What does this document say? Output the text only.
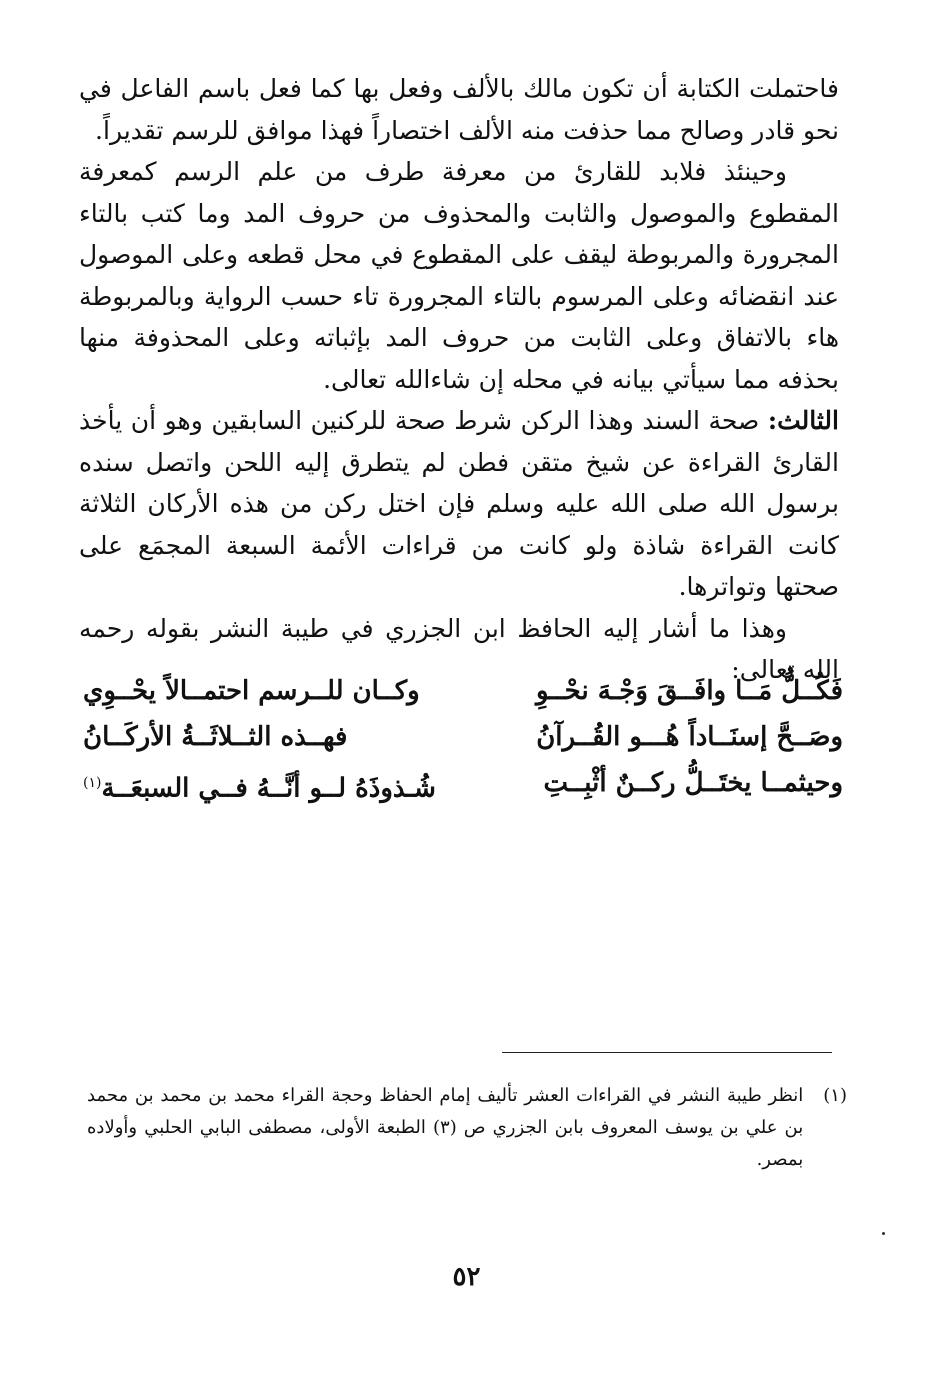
فاحتملت الكتابة أن تكون مالك بالألف وفعل بها كما فعل باسم الفاعل في نحو قادر وصالح مما حذفت منه الألف اختصاراً فهذا موافق للرسم تقديراً.

وحينئذ فلابد للقارئ من معرفة طرف من علم الرسم كمعرفة المقطوع والموصول والثابت والمحذوف من حروف المد وما كتب بالتاء المجرورة والمربوطة ليقف على المقطوع في محل قطعه وعلى الموصول عند انقضائه وعلى المرسوم بالتاء المجرورة تاء حسب الرواية وبالمربوطة هاء بالاتفاق وعلى الثابت من حروف المد بإثباته وعلى المحذوفة منها بحذفه مما سيأتي بيانه في محله إن شاءالله تعالى.

الثالث: صحة السند وهذا الركن شرط صحة للركنين السابقين وهو أن يأخذ القارئ القراءة عن شيخ متقن فطن لم يتطرق إليه اللحن واتصل سنده برسول الله صلى الله عليه وسلم فإن اختل ركن من هذه الأركان الثلاثة كانت القراءة شاذة ولو كانت من قراءات الأئمة السبعة المجمَع على صحتها وتواترها.

وهذا ما أشار إليه الحافظ ابن الجزري في طيبة النشر بقوله رحمه الله تعالى:

فَكُــلُّ مَــا وافَــقَ وَجْـهَ نحْــوِ
وكــان للــرسم احتمــالاً يحْــوِي
وصَــحَّ إسنَــاداً هُـــو القُــرآنُ
فهــذه الثــلاثَــةُ الأركَــانُ
وحيثمــا يختَــلُّ ركــنٌ أثْبِــتِ
شُـذوذَهُ لــو أنَّــهُ فــي السبعَــة$^{(١)}$
(١)
انظر طيبة النشر في القراءات العشر تأليف إمام الحفاظ وحجة القراء محمد بن محمد بن محمد بن علي بن يوسف المعروف بابن الجزري ص (٣) الطبعة الأولى، مصطفى البابي الحلبي وأولاده بمصر.
٥٢
